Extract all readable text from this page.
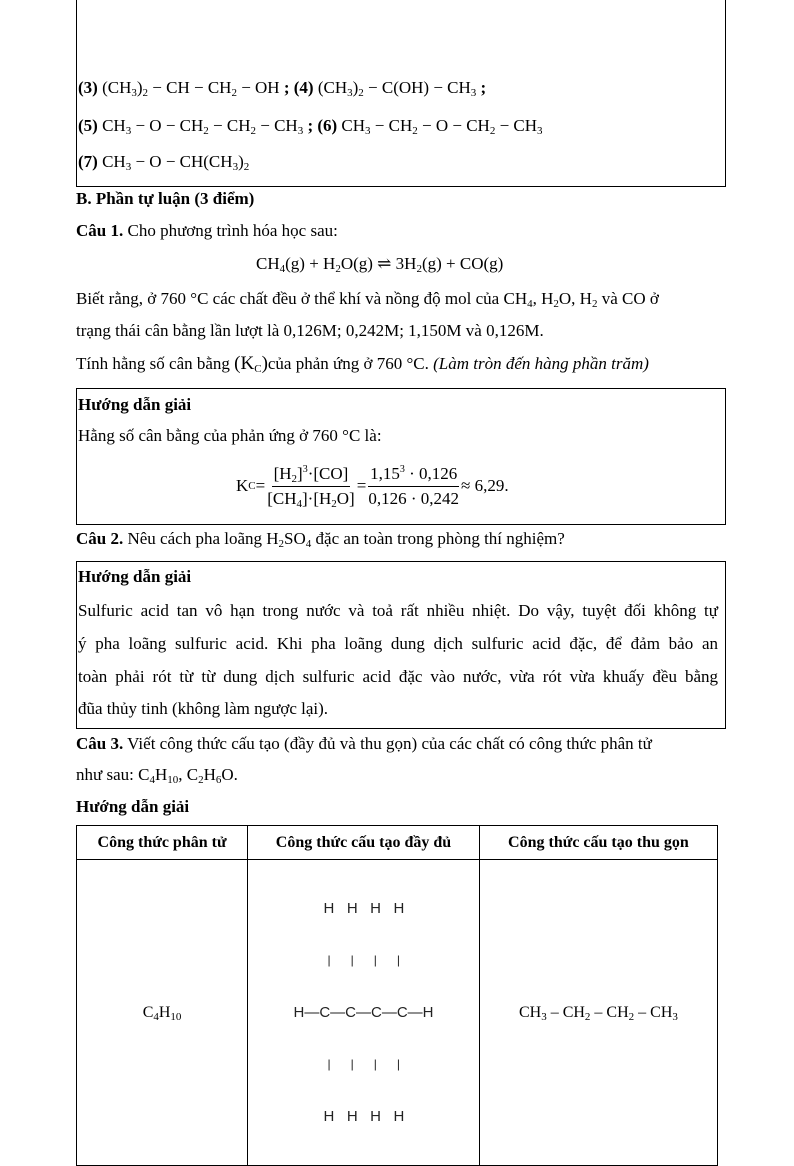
(3) $(CH_3)_2$ − CH − $CH_2$ − OH ; (4) $(CH_3)_2 - C(OH) - CH_3$ ;
(5) $CH_3 - O - CH_2 - CH_2 - CH_3$ ; (6) $CH_3 - CH_2 - O - CH_2 - CH_3$
(7) $CH_3 - O - CH(CH_3)_2$
B. Phần tự luận (3 điểm)
Câu 1. Cho phương trình hóa học sau:
$CH_4(g) + H_2O(g)$ ⇌ $3H_2(g) + CO(g)$
Biết rằng, ở 760 °C các chất đều ở thể khí và nồng độ mol của $CH_4$, $H_2O$, $H_2$ và CO ở
trạng thái cân bằng lần lượt là 0,126M; 0,242M; 1,150M và 0,126M.
Tính hằng số cân bằng $(K_C)của$ phản ứng ở 760 °C. (Làm tròn đến hàng phần trăm)
Hướng dẫn giải
Hằng số cân bằng của phản ứng ở 760 °C là:
K $C = \frac{[H_2]^3\cdot[CO]}{[CH_4]\cdot[H_2O]} = \frac{1,15^3 \cdot 0,126}{0,126 \cdot 0,242} \approx 6,29$.
Câu 2. Nêu cách pha loãng $H_2SO_4$ đặc an toàn trong phòng thí nghiệm?
Hướng dẫn giải
Sulfuric acid tan vô hạn trong nước và toả rất nhiều nhiệt. Do vậy, tuyệt đối không tự
ý pha loãng sulfuric acid. Khi pha loãng dung dịch sulfuric acid đặc, để đảm bảo an
toàn phải rót từ từ dung dịch sulfuric acid đặc vào nước, vừa rót vừa khuấy đều bằng
đũa thủy tinh (không làm ngược lại).
Câu 3. Viết công thức cấu tạo (đầy đủ và thu gọn) của các chất có công thức phân tử
như sau: $C_4H_{10}$, $C_2H_6O$.
Hướng dẫn giải
Công thức phân tử	Công thức cấu tạo đầy đủ	Công thức cấu tạo thu gọn
$C_4H_{10}$	H   H   H   H

|      |      |      |

H—C—C—C—C—H

|      |      |      |

H   H   H   H	$CH_3 - CH_2 - CH_2 - CH_3$
